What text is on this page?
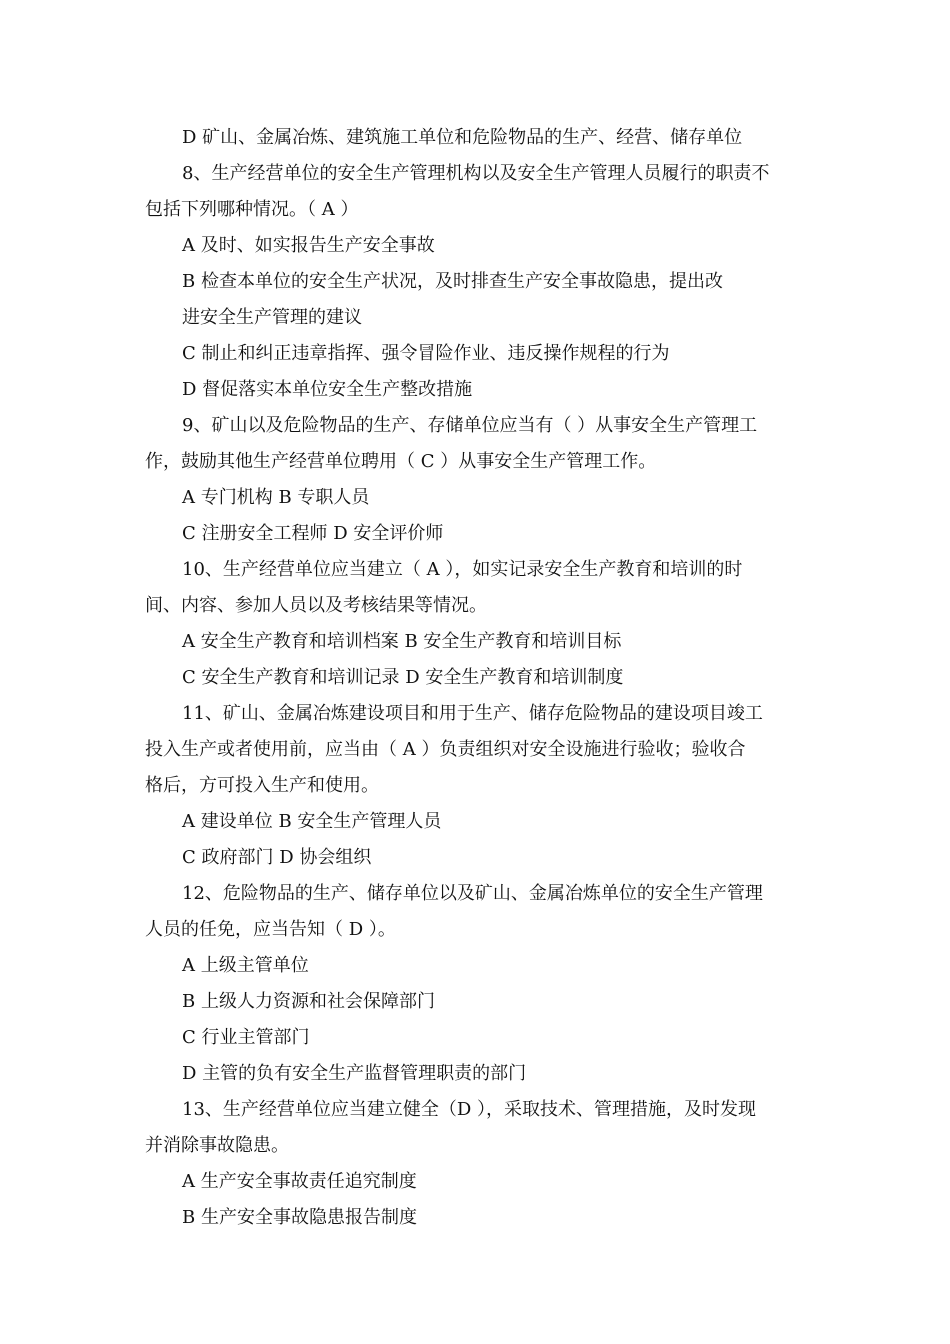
D 矿山、金属冶炼、建筑施工单位和危险物品的生产、经营、储存单位
8、生产经营单位的安全生产管理机构以及安全生产管理人员履行的职责不
包括下列哪种情况。（ A ）
A 及时、如实报告生产安全事故
B 检查本单位的安全生产状况，及时排查生产安全事故隐患，提出改
进安全生产管理的建议
C 制止和纠正违章指挥、强令冒险作业、违反操作规程的行为
D 督促落实本单位安全生产整改措施
9、矿山以及危险物品的生产、存储单位应当有（ ）从事安全生产管理工
作，鼓励其他生产经营单位聘用（ C ）从事安全生产管理工作。
A 专门机构 B 专职人员
C 注册安全工程师 D 安全评价师
10、生产经营单位应当建立（ A ），如实记录安全生产教育和培训的时
间、内容、参加人员以及考核结果等情况。
A 安全生产教育和培训档案 B 安全生产教育和培训目标
C 安全生产教育和培训记录 D 安全生产教育和培训制度
11、矿山、金属冶炼建设项目和用于生产、储存危险物品的建设项目竣工
投入生产或者使用前，应当由（ A ）负责组织对安全设施进行验收；验收合
格后，方可投入生产和使用。
A 建设单位 B 安全生产管理人员
C 政府部门 D 协会组织
12、危险物品的生产、储存单位以及矿山、金属冶炼单位的安全生产管理
人员的任免，应当告知（ D ）。
A 上级主管单位
B 上级人力资源和社会保障部门
C 行业主管部门
D 主管的负有安全生产监督管理职责的部门
13、生产经营单位应当建立健全（D ），采取技术、管理措施，及时发现
并消除事故隐患。
A 生产安全事故责任追究制度
B 生产安全事故隐患报告制度
